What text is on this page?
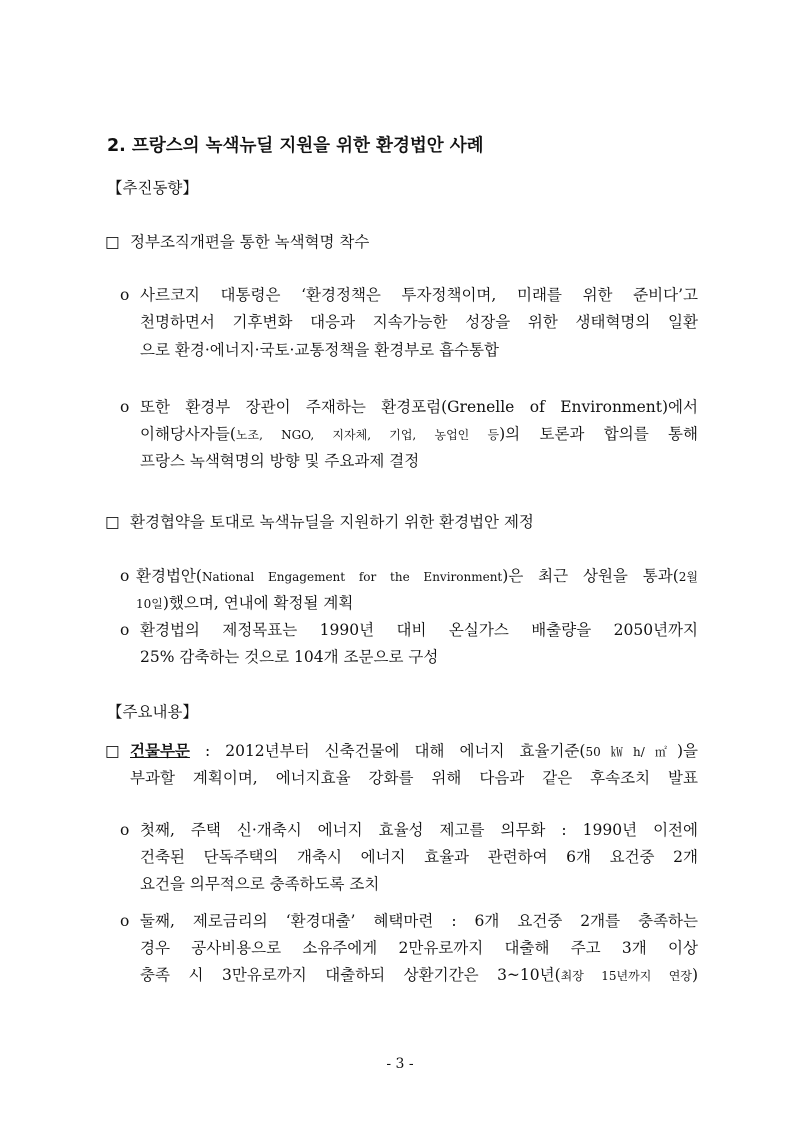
2. 프랑스의 녹색뉴딜 지원을 위한 환경법안 사례
【추진동향】
□ 정부조직개편을 통한 녹색혁명 착수
o 사르코지 대통령은 ‘환경정책은 투자정책이며, 미래를 위한 준비다’고
천명하면서 기후변화 대응과 지속가능한 성장을 위한 생태혁명의 일환
으로 환경·에너지·국토·교통정책을 환경부로 흡수통합
o 또한 환경부 장관이 주재하는 환경포럼(Grenelle of Environment)에서
이해당사자들(노조, NGO, 지자체, 기업, 농업인 등)의 토론과 합의를 통해
프랑스 녹색혁명의 방향 및 주요과제 결정
□ 환경협약을 토대로 녹색뉴딜을 지원하기 위한 환경법안 제정
o 환경법안(National Engagement for the Environment)은 최근 상원을 통과(2월
10일)했으며, 연내에 확정될 계획
o 환경법의 제정목표는 1990년 대비 온실가스 배출량을 2050년까지
25% 감축하는 것으로 104개 조문으로 구성
【주요내용】
□ 건물부문 : 2012년부터 신축건물에 대해 에너지 효율기준(50㎾h/㎡)을
부과할 계획이며, 에너지효율 강화를 위해 다음과 같은 후속조치 발표
o 첫째, 주택 신·개축시 에너지 효율성 제고를 의무화 : 1990년 이전에
건축된 단독주택의 개축시 에너지 효율과 관련하여 6개 요건중 2개
요건을 의무적으로 충족하도록 조치
o 둘째, 제로금리의 ‘환경대출’ 혜택마련 : 6개 요건중 2개를 충족하는
경우 공사비용으로 소유주에게 2만유로까지 대출해 주고 3개 이상
충족 시 3만유로까지 대출하되 상환기간은 3~10년(최장 15년까지 연장)
- 3 -
